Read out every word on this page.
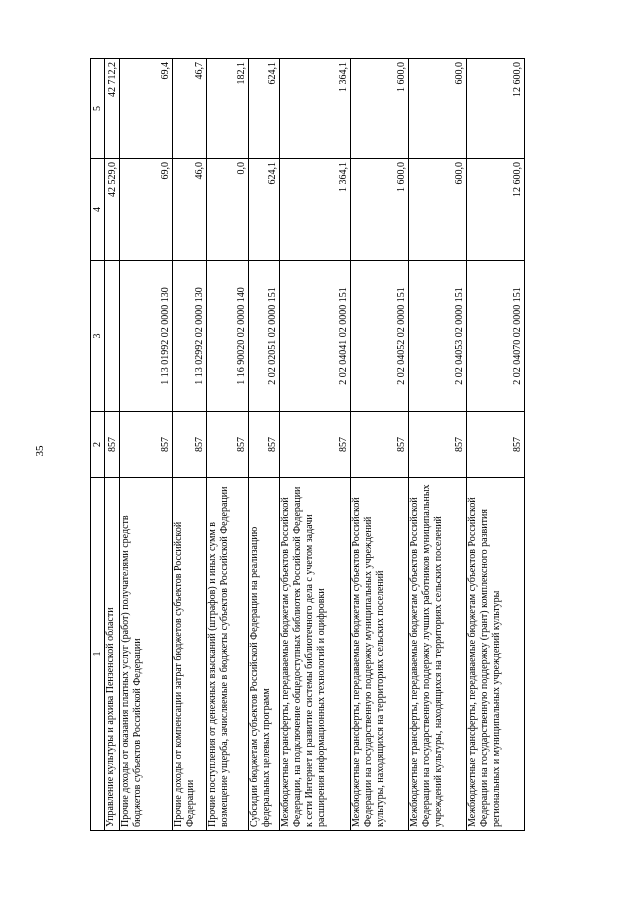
35
1	2	3	4	5
Управление культуры и архива Пензенской области	857		42 529,0	42 712,2
Прочие доходы от оказания платных услуг (работ) получателями средств бюджетов субъектов Российской Федерации	857	1 13 01992 02 0000 130	69,0	69,4
Прочие доходы от компенсации затрат бюджетов субъектов Российской Федерации	857	1 13 02992 02 0000 130	46,0	46,7
Прочие поступления от денежных взысканий (штрафов) и иных сумм в возмещение ущерба, зачисляемые в бюджеты субъектов Российской Федерации	857	1 16 90020 02 0000 140	0,0	182,1
Субсидии бюджетам субъектов Российской Федерации на реализацию федеральных целевых программ	857	2 02 02051 02 0000 151	624,1	624,1
Межбюджетные трансферты, передаваемые бюджетам субъектов Российской Федерации, на подключение общедоступных библиотек Российской Федерации к сети Интернет и развитие системы библиотечного дела с учетом задачи расширения информационных технологий и оцифровки	857	2 02 04041 02 0000 151	1 364,1	1 364,1
Межбюджетные трансферты, передаваемые бюджетам субъектов Российской Федерации на государственную поддержку муниципальных учреждений культуры, находящихся на территориях сельских поселений	857	2 02 04052 02 0000 151	1 600,0	1 600,0
Межбюджетные трансферты, передаваемые бюджетам субъектов Российской Федерации на государственную поддержку лучших работников муниципальных учреждений культуры, находящихся на территориях сельских поселений	857	2 02 04053 02 0000 151	600,0	600,0
Межбюджетные трансферты, передаваемые бюджетам субъектов Российской Федерации на государственную поддержку (грант) комплексного развития региональных и муниципальных учреждений культуры	857	2 02 04070 02 0000 151	12 600,0	12 600,0
